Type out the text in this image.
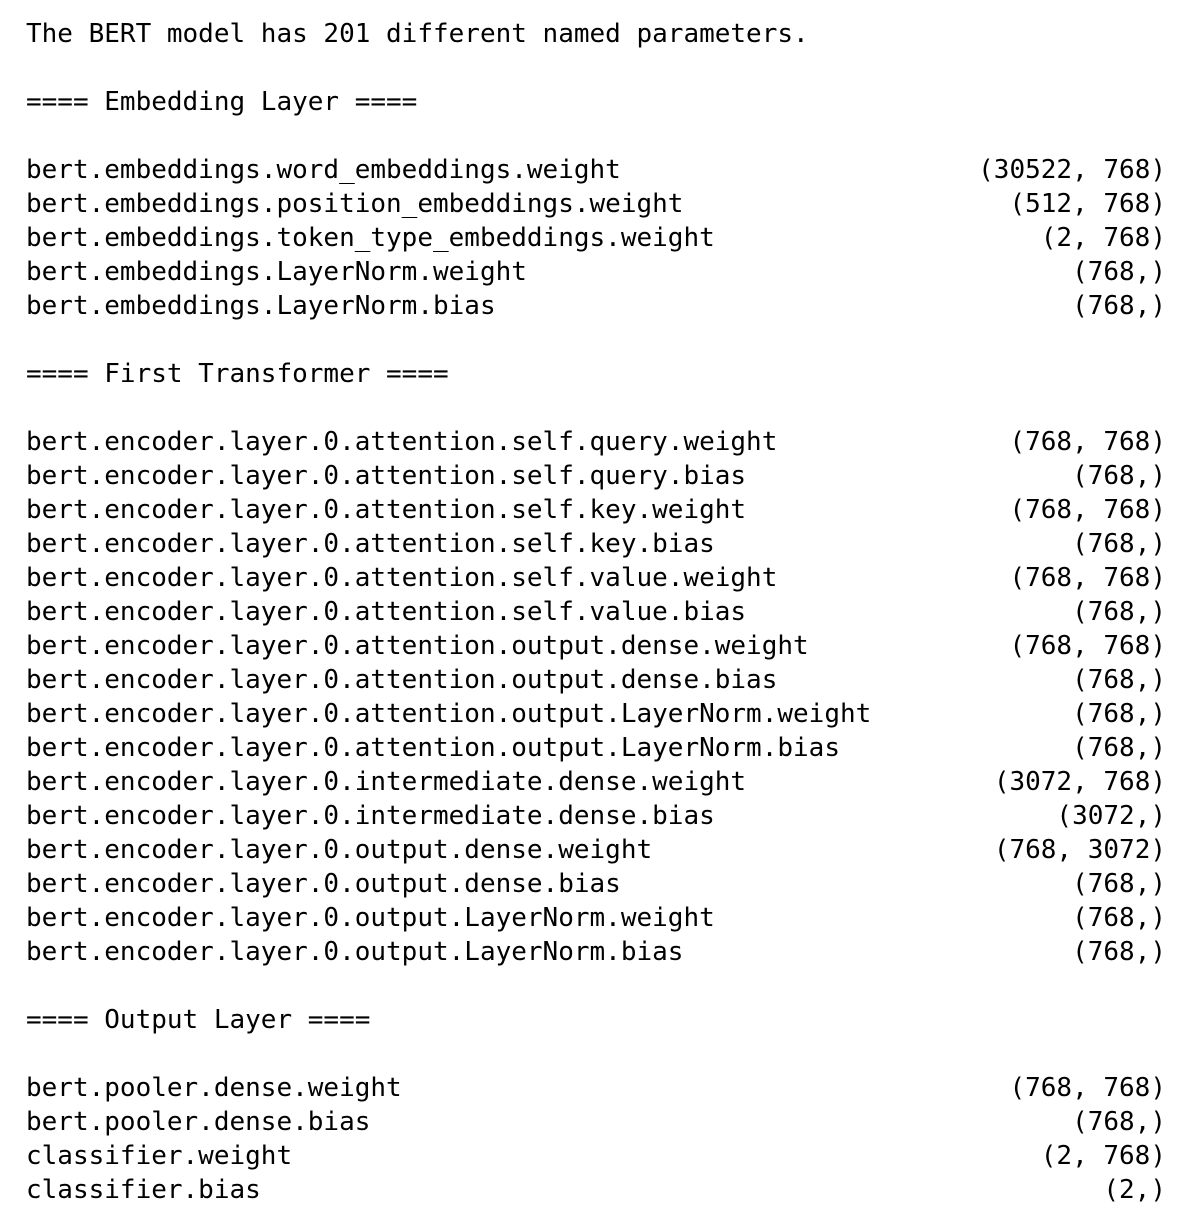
The BERT model has 201 different named parameters.
==== Embedding Layer ====
bert.embeddings.word_embeddings.weight	(30522, 768)
bert.embeddings.position_embeddings.weight	(512, 768)
bert.embeddings.token_type_embeddings.weight	(2, 768)
bert.embeddings.LayerNorm.weight	(768,)
bert.embeddings.LayerNorm.bias	(768,)
==== First Transformer ====
bert.encoder.layer.0.attention.self.query.weight	(768, 768)
bert.encoder.layer.0.attention.self.query.bias	(768,)
bert.encoder.layer.0.attention.self.key.weight	(768, 768)
bert.encoder.layer.0.attention.self.key.bias	(768,)
bert.encoder.layer.0.attention.self.value.weight	(768, 768)
bert.encoder.layer.0.attention.self.value.bias	(768,)
bert.encoder.layer.0.attention.output.dense.weight	(768, 768)
bert.encoder.layer.0.attention.output.dense.bias	(768,)
bert.encoder.layer.0.attention.output.LayerNorm.weight	(768,)
bert.encoder.layer.0.attention.output.LayerNorm.bias	(768,)
bert.encoder.layer.0.intermediate.dense.weight	(3072, 768)
bert.encoder.layer.0.intermediate.dense.bias	(3072,)
bert.encoder.layer.0.output.dense.weight	(768, 3072)
bert.encoder.layer.0.output.dense.bias	(768,)
bert.encoder.layer.0.output.LayerNorm.weight	(768,)
bert.encoder.layer.0.output.LayerNorm.bias	(768,)
==== Output Layer ====
bert.pooler.dense.weight	(768, 768)
bert.pooler.dense.bias	(768,)
classifier.weight	(2, 768)
classifier.bias	(2,)
